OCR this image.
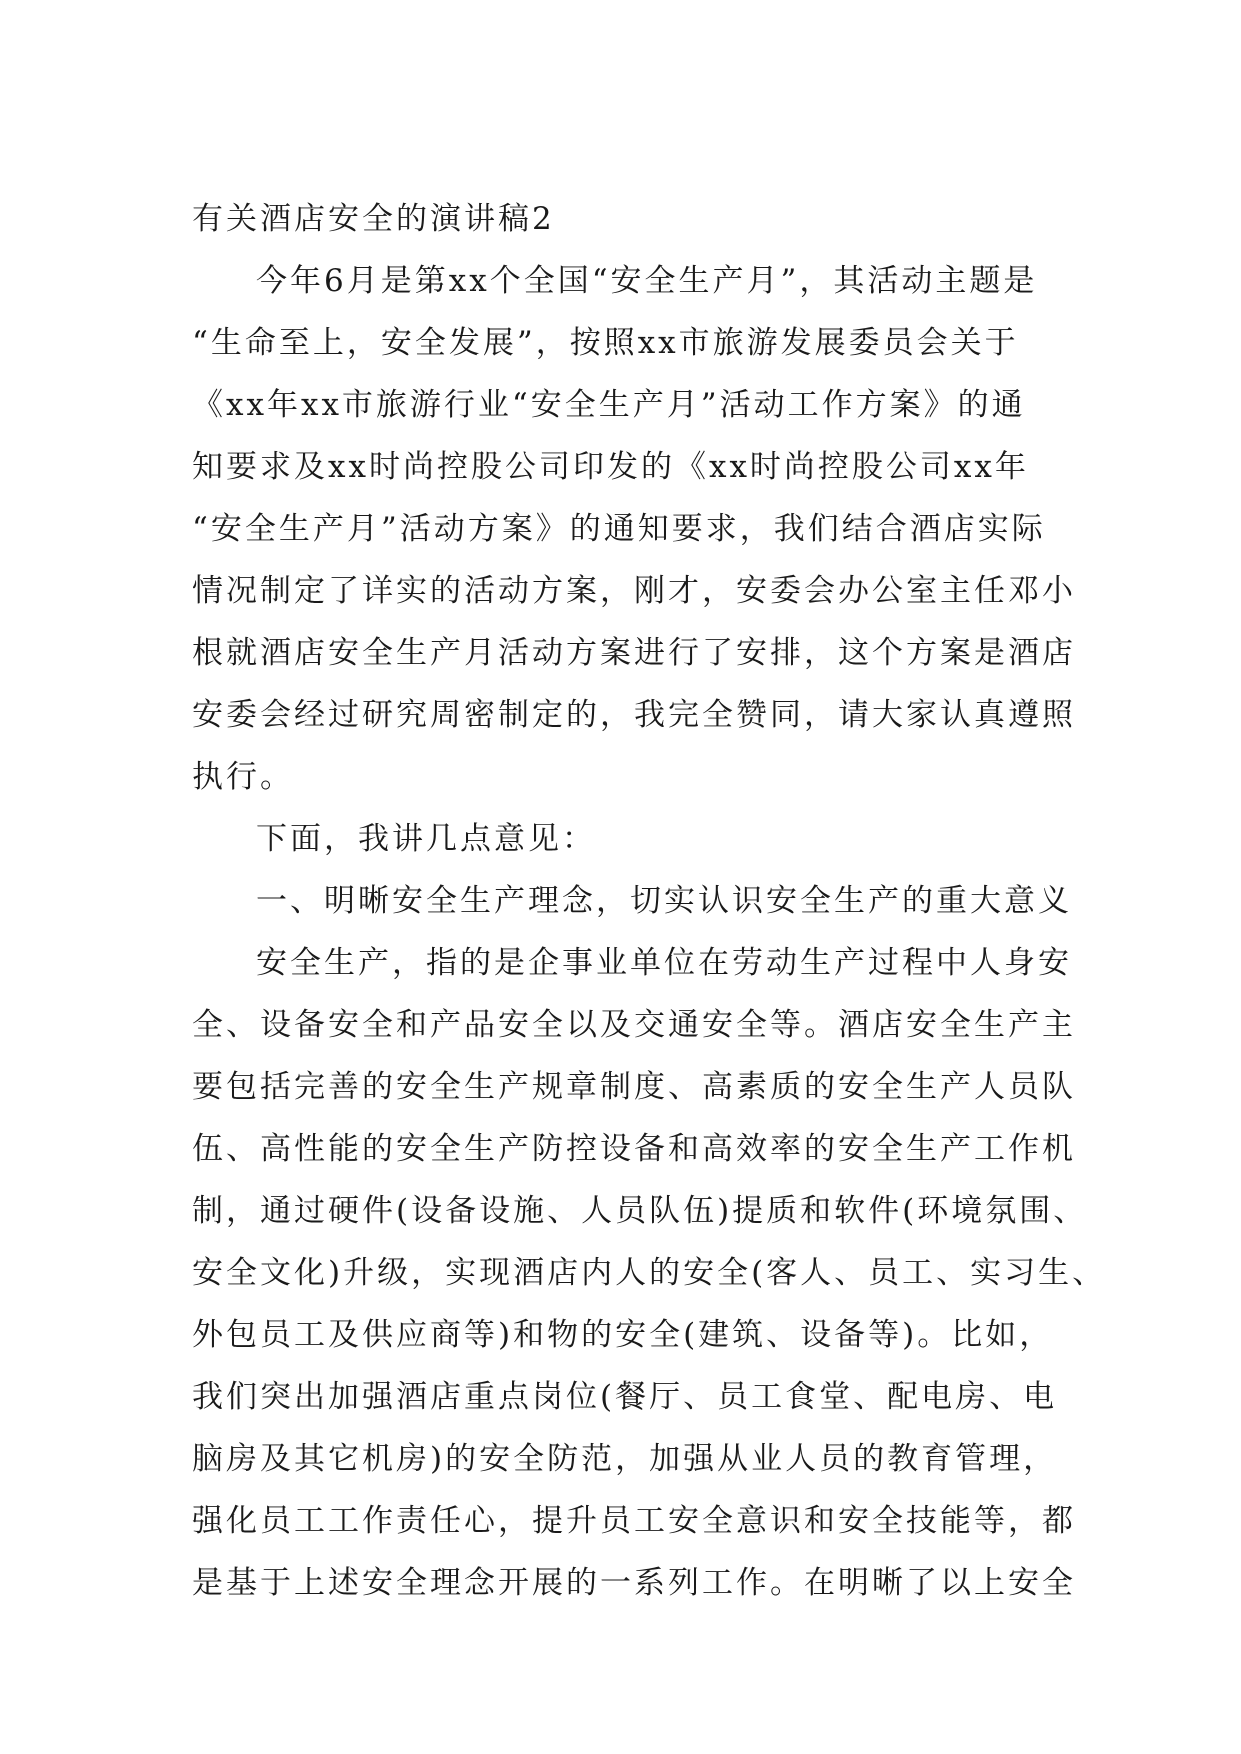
有关酒店安全的演讲稿2
今年6月是第xx个全国“安全生产月”，其活动主题是
“生命至上，安全发展”，按照xx市旅游发展委员会关于
《xx年xx市旅游行业“安全生产月”活动工作方案》的通
知要求及xx时尚控股公司印发的《xx时尚控股公司xx年
“安全生产月”活动方案》的通知要求，我们结合酒店实际
情况制定了详实的活动方案，刚才，安委会办公室主任邓小
根就酒店安全生产月活动方案进行了安排，这个方案是酒店
安委会经过研究周密制定的，我完全赞同，请大家认真遵照
执行。
下面，我讲几点意见：
一、明晰安全生产理念，切实认识安全生产的重大意义
安全生产，指的是企事业单位在劳动生产过程中人身安
全、设备安全和产品安全以及交通安全等。酒店安全生产主
要包括完善的安全生产规章制度、高素质的安全生产人员队
伍、高性能的安全生产防控设备和高效率的安全生产工作机
制，通过硬件(设备设施、人员队伍)提质和软件(环境氛围、
安全文化)升级，实现酒店内人的安全(客人、员工、实习生、
外包员工及供应商等)和物的安全(建筑、设备等)。比如，
我们突出加强酒店重点岗位(餐厅、员工食堂、配电房、电
脑房及其它机房)的安全防范，加强从业人员的教育管理，
强化员工工作责任心，提升员工安全意识和安全技能等，都
是基于上述安全理念开展的一系列工作。在明晰了以上安全
